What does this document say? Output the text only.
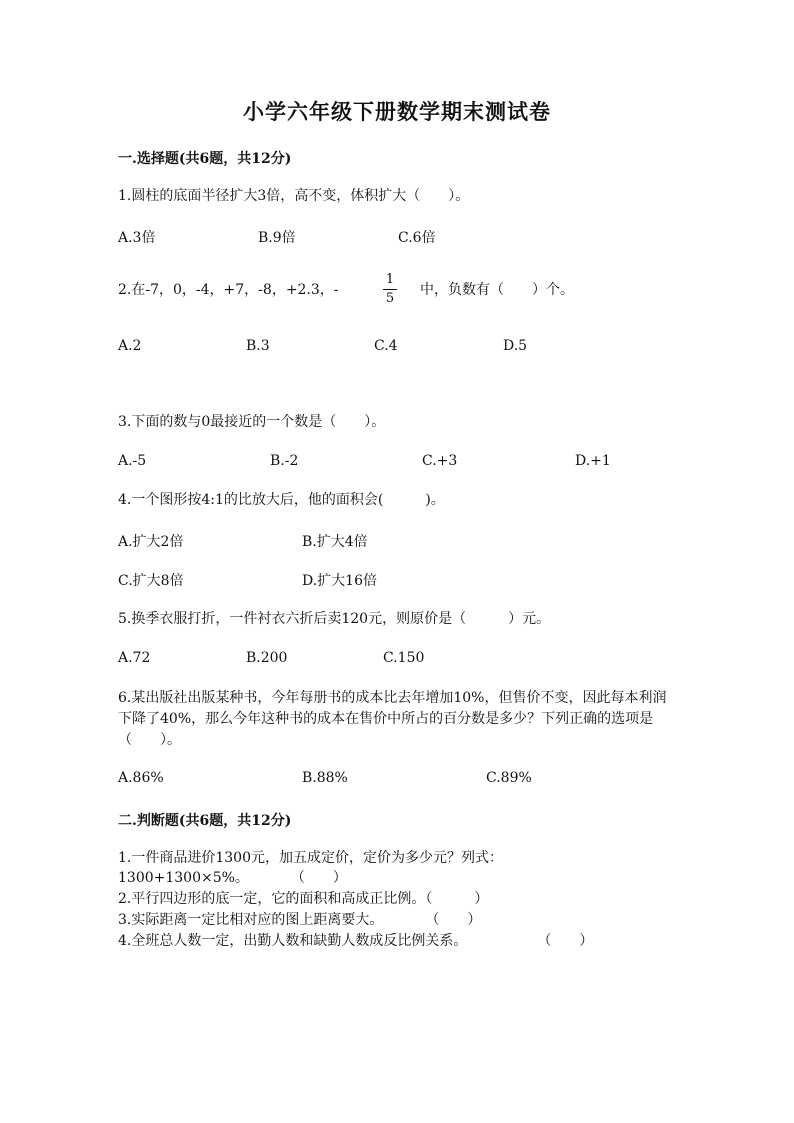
小学六年级下册数学期末测试卷
一.选择题(共6题，共12分)
1.圆柱的底面半径扩大3倍，高不变，体积扩大（　　）。
A.3倍	B.9倍	C.6倍
2.在-7，0，-4，+7，-8，+2.3，-
1
5
中，负数有（　　）个。
A.2	B.3	C.4	D.5
3.下面的数与0最接近的一个数是（　　）。
A.-5	B.-2	C.+3	D.+1
4.一个图形按4:1的比放大后，他的面积会(　　　)。
A.扩大2倍	B.扩大4倍
C.扩大8倍	D.扩大16倍
5.换季衣服打折，一件衬衣六折后卖120元，则原价是（　　　）元。
A.72	B.200	C.150
6.某出版社出版某种书，今年每册书的成本比去年增加10%，但售价不变，因此每本利润下降了40%，那么今年这种书的成本在售价中所占的百分数是多少？下列正确的选项是（　　）。
A.86%	B.88%	C.89%
二.判断题(共6题，共12分)
1.一件商品进价1300元，加五成定价，定价为多少元？列式：
1300+1300×5%。　　　　（　　）
2.平行四边形的底一定，它的面积和高成正比例。（　　　）
3.实际距离一定比相对应的图上距离要大。　　　　（　　）
4.全班总人数一定，出勤人数和缺勤人数成反比例关系。　　　　　　（　　）
